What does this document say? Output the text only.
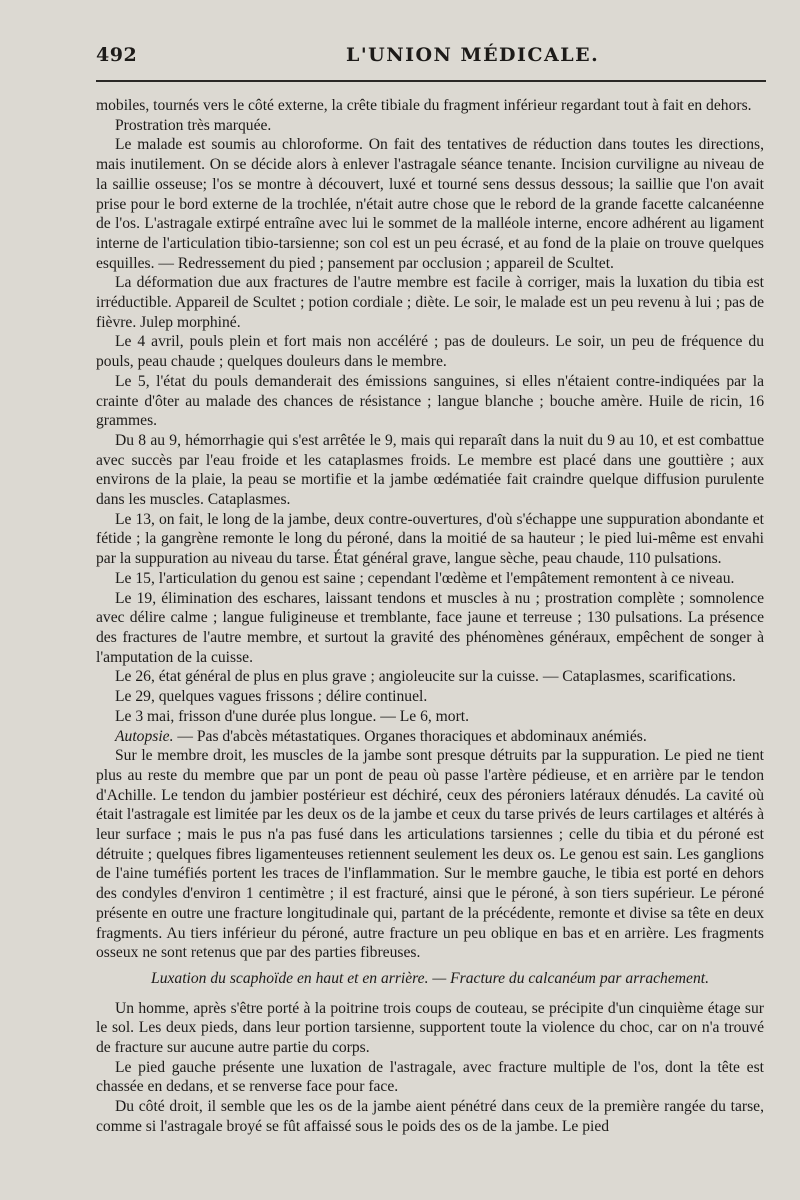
492	L'UNION MÉDICALE.

mobiles, tournés vers le côté externe, la crête tibiale du fragment inférieur regardant tout à fait en dehors.

Prostration très marquée.

Le malade est soumis au chloroforme. On fait des tentatives de réduction dans toutes les directions, mais inutilement. On se décide alors à enlever l'astragale séance tenante. Incision curviligne au niveau de la saillie osseuse; l'os se montre à découvert, luxé et tourné sens dessus dessous; la saillie que l'on avait prise pour le bord externe de la trochlée, n'était autre chose que le rebord de la grande facette calcanéenne de l'os. L'astragale extirpé entraîne avec lui le sommet de la malléole interne, encore adhérent au ligament interne de l'articulation tibio-tarsienne; son col est un peu écrasé, et au fond de la plaie on trouve quelques esquilles. — Redressement du pied ; pansement par occlusion ; appareil de Scultet.

La déformation due aux fractures de l'autre membre est facile à corriger, mais la luxation du tibia est irréductible. Appareil de Scultet ; potion cordiale ; diète. Le soir, le malade est un peu revenu à lui ; pas de fièvre. Julep morphiné.

Le 4 avril, pouls plein et fort mais non accéléré ; pas de douleurs. Le soir, un peu de fréquence du pouls, peau chaude ; quelques douleurs dans le membre.

Le 5, l'état du pouls demanderait des émissions sanguines, si elles n'étaient contre-indiquées par la crainte d'ôter au malade des chances de résistance ; langue blanche ; bouche amère. Huile de ricin, 16 grammes.

Du 8 au 9, hémorrhagie qui s'est arrêtée le 9, mais qui reparaît dans la nuit du 9 au 10, et est combattue avec succès par l'eau froide et les cataplasmes froids. Le membre est placé dans une gouttière ; aux environs de la plaie, la peau se mortifie et la jambe œdématiée fait craindre quelque diffusion purulente dans les muscles. Cataplasmes.

Le 13, on fait, le long de la jambe, deux contre-ouvertures, d'où s'échappe une suppuration abondante et fétide ; la gangrène remonte le long du péroné, dans la moitié de sa hauteur ; le pied lui-même est envahi par la suppuration au niveau du tarse. État général grave, langue sèche, peau chaude, 110 pulsations.

Le 15, l'articulation du genou est saine ; cependant l'œdème et l'empâtement remontent à ce niveau.

Le 19, élimination des eschares, laissant tendons et muscles à nu ; prostration complète ; somnolence avec délire calme ; langue fuligineuse et tremblante, face jaune et terreuse ; 130 pulsations. La présence des fractures de l'autre membre, et surtout la gravité des phénomènes généraux, empêchent de songer à l'amputation de la cuisse.

Le 26, état général de plus en plus grave ; angioleucite sur la cuisse. — Cataplasmes, scarifications.

Le 29, quelques vagues frissons ; délire continuel.

Le 3 mai, frisson d'une durée plus longue. — Le 6, mort.

Autopsie. — Pas d'abcès métastatiques. Organes thoraciques et abdominaux anémiés.

Sur le membre droit, les muscles de la jambe sont presque détruits par la suppuration. Le pied ne tient plus au reste du membre que par un pont de peau où passe l'artère pédieuse, et en arrière par le tendon d'Achille. Le tendon du jambier postérieur est déchiré, ceux des péroniers latéraux dénudés. La cavité où était l'astragale est limitée par les deux os de la jambe et ceux du tarse privés de leurs cartilages et altérés à leur surface ; mais le pus n'a pas fusé dans les articulations tarsiennes ; celle du tibia et du péroné est détruite ; quelques fibres ligamenteuses retiennent seulement les deux os. Le genou est sain. Les ganglions de l'aine tuméfiés portent les traces de l'inflammation. Sur le membre gauche, le tibia est porté en dehors des condyles d'environ 1 centimètre ; il est fracturé, ainsi que le péroné, à son tiers supérieur. Le péroné présente en outre une fracture longitudinale qui, partant de la précédente, remonte et divise sa tête en deux fragments. Au tiers inférieur du péroné, autre fracture un peu oblique en bas et en arrière. Les fragments osseux ne sont retenus que par des parties fibreuses.

Luxation du scaphoïde en haut et en arrière. — Fracture du calcanéum par arrachement.

Un homme, après s'être porté à la poitrine trois coups de couteau, se précipite d'un cinquième étage sur le sol. Les deux pieds, dans leur portion tarsienne, supportent toute la violence du choc, car on n'a trouvé de fracture sur aucune autre partie du corps.

Le pied gauche présente une luxation de l'astragale, avec fracture multiple de l'os, dont la tête est chassée en dedans, et se renverse face pour face.

Du côté droit, il semble que les os de la jambe aient pénétré dans ceux de la première rangée du tarse, comme si l'astragale broyé se fût affaissé sous le poids des os de la jambe. Le pied
